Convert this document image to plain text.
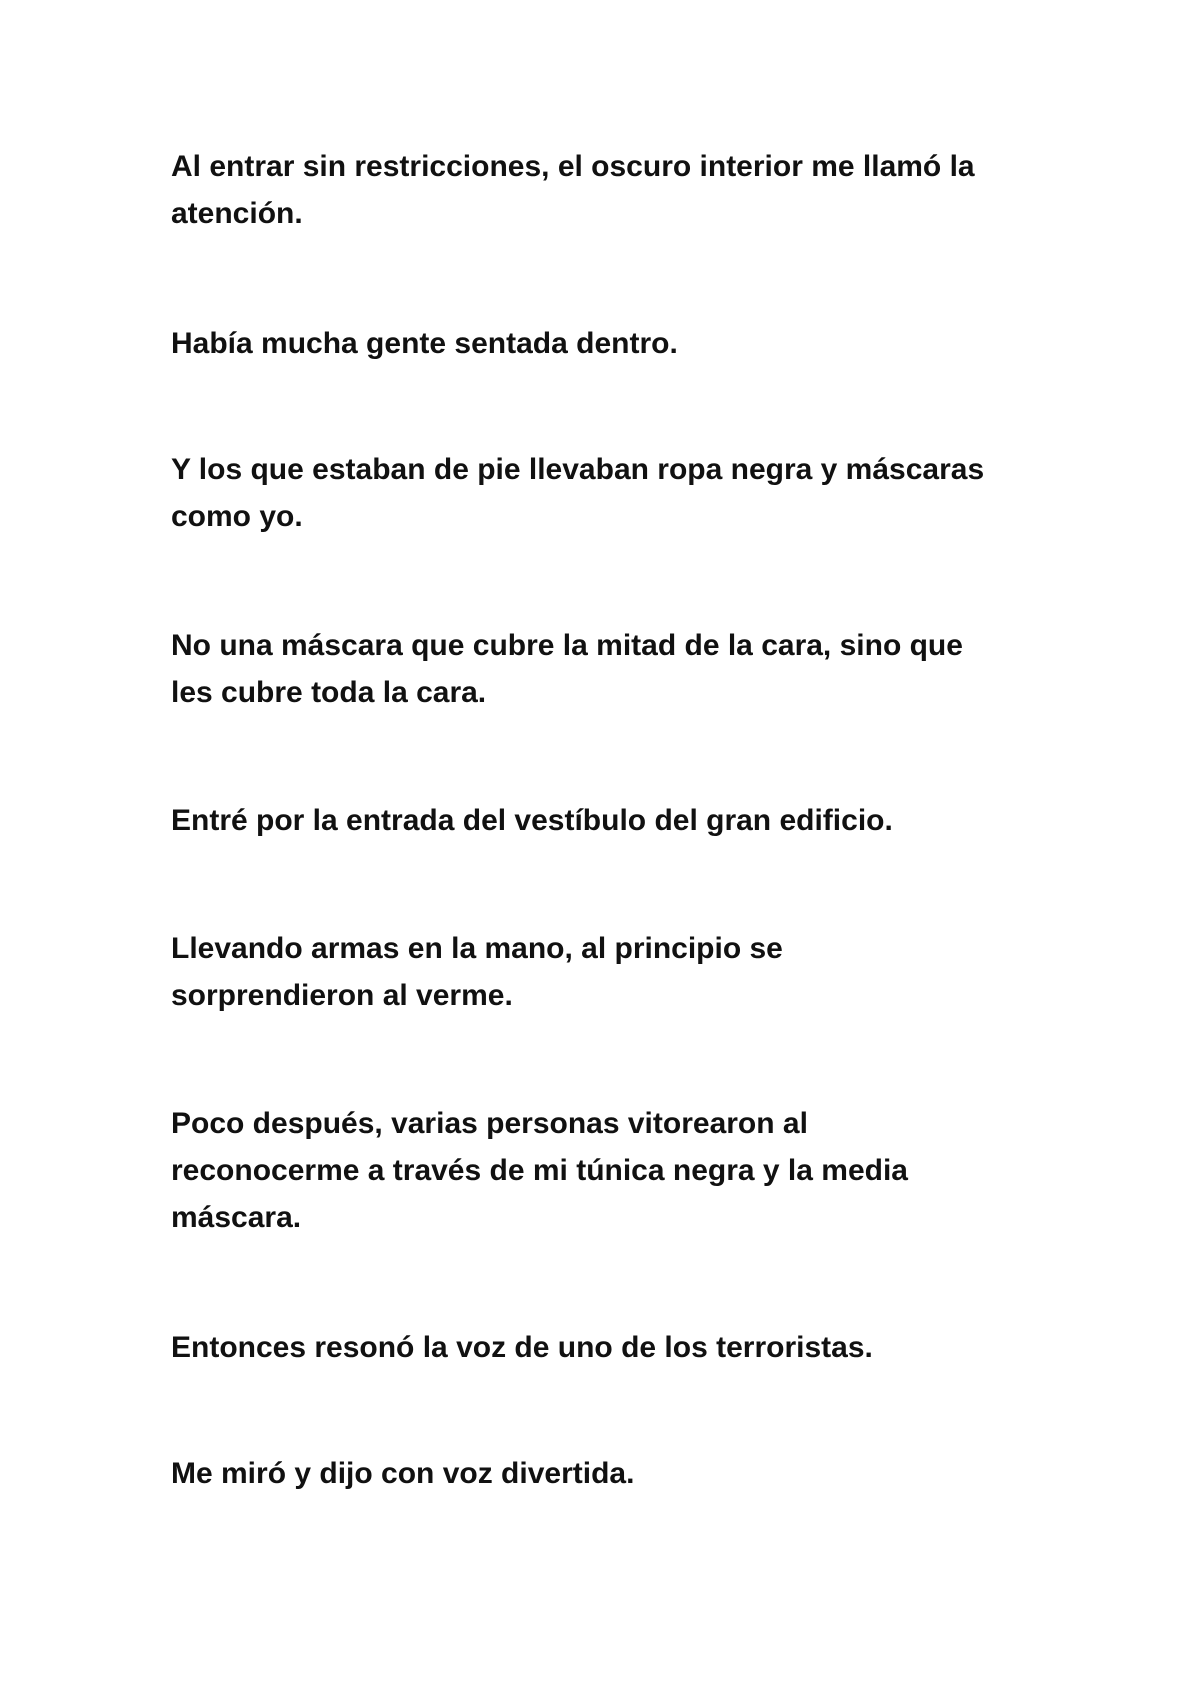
Al entrar sin restricciones, el oscuro interior me llamó la
atención.

Había mucha gente sentada dentro.

Y los que estaban de pie llevaban ropa negra y máscaras
como yo.

No una máscara que cubre la mitad de la cara, sino que
les cubre toda la cara.

Entré por la entrada del vestíbulo del gran edificio.

Llevando armas en la mano, al principio se
sorprendieron al verme.

Poco después, varias personas vitorearon al
reconocerme a través de mi túnica negra y la media
máscara.

Entonces resonó la voz de uno de los terroristas.

Me miró y dijo con voz divertida.
